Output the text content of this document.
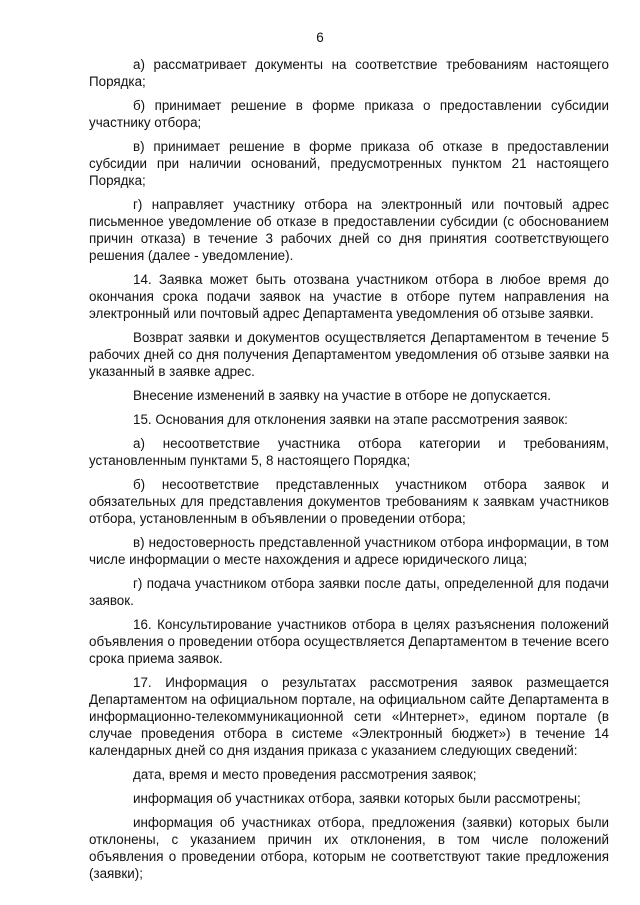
6

а) рассматривает документы на соответствие требованиям настоящего Порядка;

б) принимает решение в форме приказа о предоставлении субсидии участнику отбора;

в) принимает решение в форме приказа об отказе в предоставлении субсидии при наличии оснований, предусмотренных пунктом 21 настоящего Порядка;

г) направляет участнику отбора на электронный или почтовый адрес письменное уведомление об отказе в предоставлении субсидии (с обоснованием причин отказа) в течение 3 рабочих дней со дня принятия соответствующего решения (далее - уведомление).

14. Заявка может быть отозвана участником отбора в любое время до окончания срока подачи заявок на участие в отборе путем направления на электронный или почтовый адрес Департамента уведомления об отзыве заявки.

Возврат заявки и документов осуществляется Департаментом в течение 5 рабочих дней со дня получения Департаментом уведомления об отзыве заявки на указанный в заявке адрес.

Внесение изменений в заявку на участие в отборе не допускается.

15. Основания для отклонения заявки на этапе рассмотрения заявок:

а) несоответствие участника отбора категории и требованиям, установленным пунктами 5, 8 настоящего Порядка;

б) несоответствие представленных участником отбора заявок и обязательных для представления документов требованиям к заявкам участников отбора, установленным в объявлении о проведении отбора;

в) недостоверность представленной участником отбора информации, в том числе информации о месте нахождения и адресе юридического лица;

г) подача участником отбора заявки после даты, определенной для подачи заявок.

16. Консультирование участников отбора в целях разъяснения положений объявления о проведении отбора осуществляется Департаментом в течение всего срока приема заявок.

17. Информация о результатах рассмотрения заявок размещается Департаментом на официальном портале, на официальном сайте Департамента в информационно-телекоммуникационной сети «Интернет», едином портале (в случае проведения отбора в системе «Электронный бюджет») в течение 14 календарных дней со дня издания приказа с указанием следующих сведений:

дата, время и место проведения рассмотрения заявок;

информация об участниках отбора, заявки которых были рассмотрены;

информация об участниках отбора, предложения (заявки) которых были отклонены, с указанием причин их отклонения, в том числе положений объявления о проведении отбора, которым не соответствуют такие предложения (заявки);
